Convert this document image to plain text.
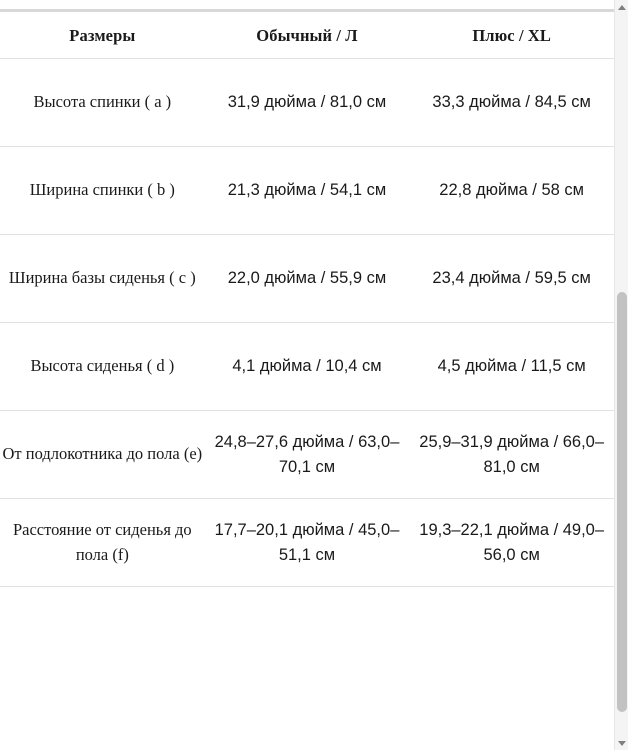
Размеры	Обычный / Л	Плюс / XL
Высота спинки ( a )	31,9 дюйма / 81,0 см	33,3 дюйма / 84,5 см
Ширина спинки ( b )	21,3 дюйма / 54,1 см	22,8 дюйма / 58 см
Ширина базы сиденья ( c )	22,0 дюйма / 55,9 см	23,4 дюйма / 59,5 см
Высота сиденья ( d )	4,1 дюйма / 10,4 см	4,5 дюйма / 11,5 см
От подлокотника до пола (e)	24,8–27,6 дюйма / 63,0–70,1 см	25,9–31,9 дюйма / 66,0–81,0 см
Расстояние от сиденья до пола (f)	17,7–20,1 дюйма / 45,0–51,1 см	19,3–22,1 дюйма / 49,0–56,0 см
